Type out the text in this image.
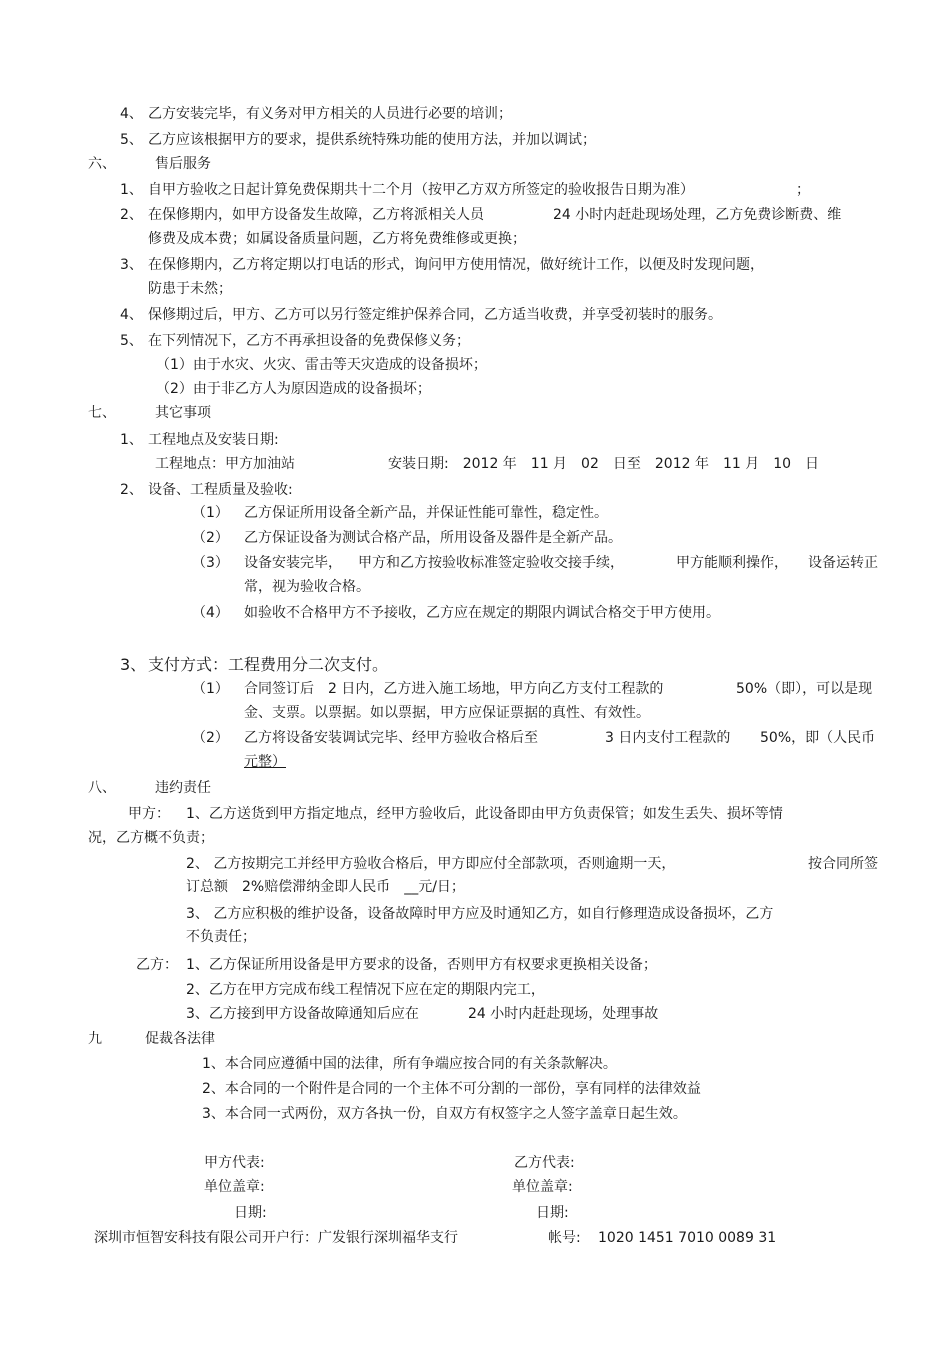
4、 乙方安装完毕，有义务对甲方相关的人员进行必要的培训；
5、 乙方应该根据甲方的要求，提供系统特殊功能的使用方法，并加以调试；
六、	售后服务
1、 自甲方验收之日起计算免费保期共十二个月（按甲乙方双方所签定的验收报告日期为准）	；
2、 在保修期内，如甲方设备发生故障，乙方将派相关人员	24 小时内赶赴现场处理，乙方免费诊断费、维
修费及成本费；如属设备质量问题，乙方将免费维修或更换；
3、 在保修期内，乙方将定期以打电话的形式，询问甲方使用情况，做好统计工作，以便及时发现问题，
防患于未然；
4、 保修期过后，甲方、乙方可以另行签定维护保养合同，乙方适当收费，并享受初装时的服务。
5、 在下列情况下，乙方不再承担设备的免费保修义务；
（1）由于水灾、火灾、雷击等天灾造成的设备损坏；
（2）由于非乙方人为原因造成的设备损坏；
七、	其它事项
1、 工程地点及安装日期:
工程地点：甲方加油站	安装日期:　2012 年　11 月　02　日至　2012 年　11 月　10　日
2、 设备、工程质量及验收:
（1） 乙方保证所用设备全新产品，并保证性能可靠性，稳定性。
（2） 乙方保证设备为测试合格产品，所用设备及器件是全新产品。
（3） 设备安装完毕， 甲方和乙方按验收标准签定验收交接手续，	甲方能顺利操作， 设备运转正
常，视为验收合格。
（4） 如验收不合格甲方不予接收，乙方应在规定的期限内调试合格交于甲方使用。
3、 支付方式：工程费用分二次支付。
（1） 合同签订后　2 日内，乙方进入施工场地，甲方向乙方支付工程款的	50%（即），可以是现
金、支票。以票据。如以票据，甲方应保证票据的真性、有效性。
（2） 乙方将设备安装调试完毕、经甲方验收合格后至	3 日内支付工程款的 50%，即（人民币
元整）
八、	违约责任
甲方： 1、乙方送货到甲方指定地点，经甲方验收后，此设备即由甲方负责保管；如发生丢失、损坏等情
况，乙方概不负责；
2、 乙方按期完工并经甲方验收合格后，甲方即应付全部款项，否则逾期一天，	按合同所签
订总额　2%赔偿滞纳金即人民币　__元/日；
3、 乙方应积极的维护设备，设备故障时甲方应及时通知乙方，如自行修理造成设备损坏，乙方
不负责任；
乙方： 1、乙方保证所用设备是甲方要求的设备，否则甲方有权要求更换相关设备；
2、乙方在甲方完成布线工程情况下应在定的期限内完工，
3、乙方接到甲方设备故障通知后应在	24 小时内赶赴现场，处理事故
九	促裁各法律
1、本合同应遵循中国的法律，所有争端应按合同的有关条款解决。
2、本合同的一个附件是合同的一个主体不可分割的一部份，享有同样的法律效益
3、本合同一式两份，双方各执一份，自双方有权签字之人签字盖章日起生效。
甲方代表:	乙方代表:
单位盖章:	单位盖章:
日期:	日期:
深圳市恒智安科技有限公司开户行：广发银行深圳福华支行	帐号: 1020 1451 7010 0089 31
